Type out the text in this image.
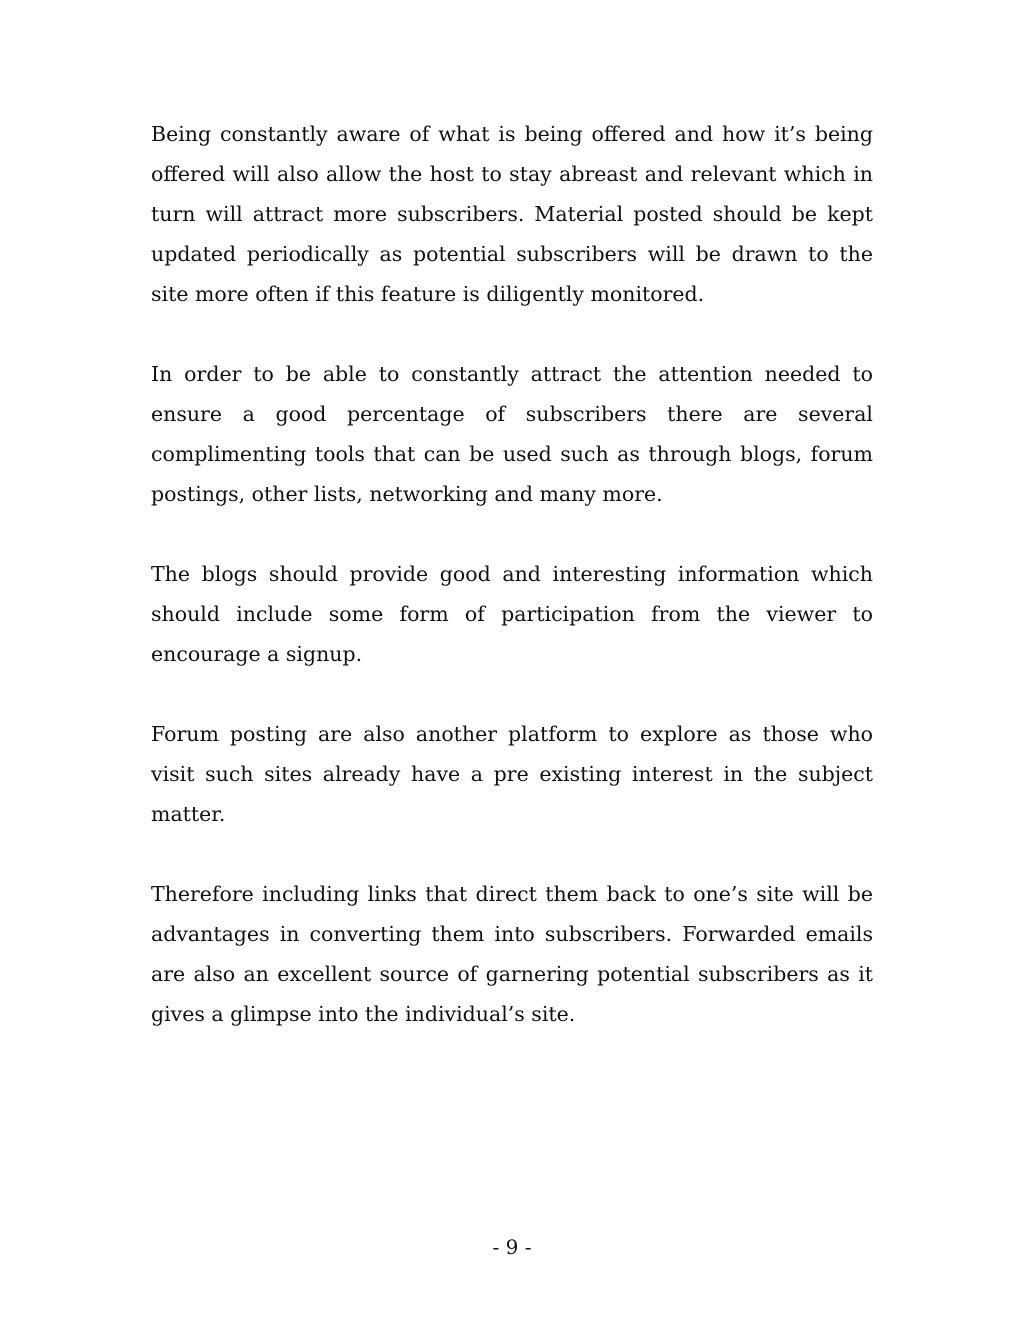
Being constantly aware of what is being offered and how it’s being offered will also allow the host to stay abreast and relevant which in turn will attract more subscribers. Material posted should be kept updated periodically as potential subscribers will be drawn to the site more often if this feature is diligently monitored.

In order to be able to constantly attract the attention needed to ensure a good percentage of subscribers there are several complimenting tools that can be used such as through blogs, forum postings, other lists, networking and many more.

The blogs should provide good and interesting information which should include some form of participation from the viewer to encourage a signup.

Forum posting are also another platform to explore as those who visit such sites already have a pre existing interest in the subject matter.

Therefore including links that direct them back to one’s site will be advantages in converting them into subscribers. Forwarded emails are also an excellent source of garnering potential subscribers as it gives a glimpse into the individual’s site.

- 9 -
